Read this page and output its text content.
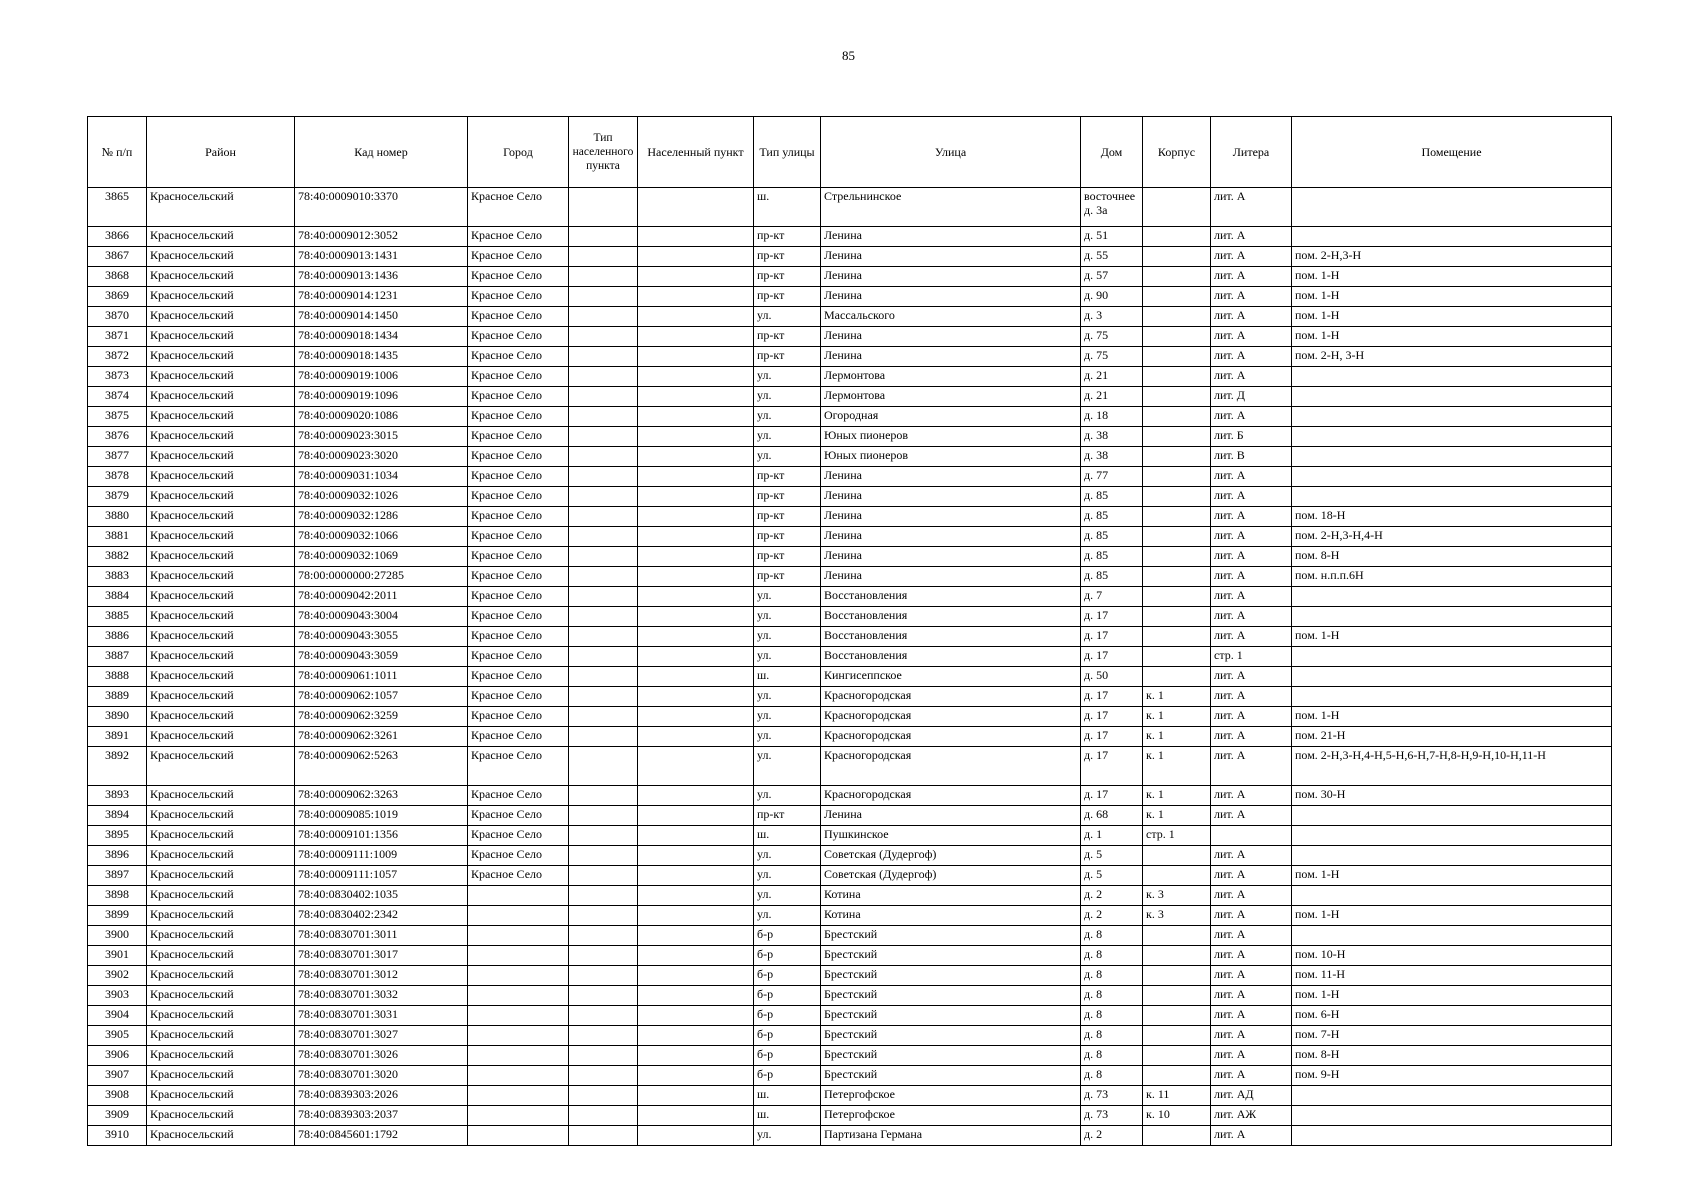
85
№ п/п	Район	Кад номер	Город	Тип населенного пункта	Населенный пункт	Тип улицы	Улица	Дом	Корпус	Литера	Помещение
3865	Красносельский	78:40:0009010:3370	Красное Село			ш.	Стрельнинское	восточнее д. 3а		лит. А	
3866	Красносельский	78:40:0009012:3052	Красное Село			пр-кт	Ленина	д. 51		лит. А	
3867	Красносельский	78:40:0009013:1431	Красное Село			пр-кт	Ленина	д. 55		лит. А	пом. 2-Н,3-Н
3868	Красносельский	78:40:0009013:1436	Красное Село			пр-кт	Ленина	д. 57		лит. А	пом. 1-Н
3869	Красносельский	78:40:0009014:1231	Красное Село			пр-кт	Ленина	д. 90		лит. А	пом. 1-Н
3870	Красносельский	78:40:0009014:1450	Красное Село			ул.	Массальского	д. 3		лит. А	пом. 1-Н
3871	Красносельский	78:40:0009018:1434	Красное Село			пр-кт	Ленина	д. 75		лит. А	пом. 1-Н
3872	Красносельский	78:40:0009018:1435	Красное Село			пр-кт	Ленина	д. 75		лит. А	пом. 2-Н, 3-Н
3873	Красносельский	78:40:0009019:1006	Красное Село			ул.	Лермонтова	д. 21		лит. А	
3874	Красносельский	78:40:0009019:1096	Красное Село			ул.	Лермонтова	д. 21		лит. Д	
3875	Красносельский	78:40:0009020:1086	Красное Село			ул.	Огородная	д. 18		лит. А	
3876	Красносельский	78:40:0009023:3015	Красное Село			ул.	Юных пионеров	д. 38		лит. Б	
3877	Красносельский	78:40:0009023:3020	Красное Село			ул.	Юных пионеров	д. 38		лит. В	
3878	Красносельский	78:40:0009031:1034	Красное Село			пр-кт	Ленина	д. 77		лит. А	
3879	Красносельский	78:40:0009032:1026	Красное Село			пр-кт	Ленина	д. 85		лит. А	
3880	Красносельский	78:40:0009032:1286	Красное Село			пр-кт	Ленина	д. 85		лит. А	пом. 18-Н
3881	Красносельский	78:40:0009032:1066	Красное Село			пр-кт	Ленина	д. 85		лит. А	пом. 2-Н,3-Н,4-Н
3882	Красносельский	78:40:0009032:1069	Красное Село			пр-кт	Ленина	д. 85		лит. А	пом. 8-Н
3883	Красносельский	78:00:0000000:27285	Красное Село			пр-кт	Ленина	д. 85		лит. А	пом. н.п.п.6Н
3884	Красносельский	78:40:0009042:2011	Красное Село			ул.	Восстановления	д. 7		лит. А	
3885	Красносельский	78:40:0009043:3004	Красное Село			ул.	Восстановления	д. 17		лит. А	
3886	Красносельский	78:40:0009043:3055	Красное Село			ул.	Восстановления	д. 17		лит. А	пом. 1-Н
3887	Красносельский	78:40:0009043:3059	Красное Село			ул.	Восстановления	д. 17		стр. 1	
3888	Красносельский	78:40:0009061:1011	Красное Село			ш.	Кингисеппское	д. 50		лит. А	
3889	Красносельский	78:40:0009062:1057	Красное Село			ул.	Красногородская	д. 17	к. 1	лит. А	
3890	Красносельский	78:40:0009062:3259	Красное Село			ул.	Красногородская	д. 17	к. 1	лит. А	пом. 1-Н
3891	Красносельский	78:40:0009062:3261	Красное Село			ул.	Красногородская	д. 17	к. 1	лит. А	пом. 21-Н
3892	Красносельский	78:40:0009062:5263	Красное Село			ул.	Красногородская	д. 17	к. 1	лит. А	пом. 2-Н,3-Н,4-Н,5-Н,6-Н,7-Н,8-Н,9-Н,10-Н,11-Н
3893	Красносельский	78:40:0009062:3263	Красное Село			ул.	Красногородская	д. 17	к. 1	лит. А	пом. 30-Н
3894	Красносельский	78:40:0009085:1019	Красное Село			пр-кт	Ленина	д. 68	к. 1	лит. А	
3895	Красносельский	78:40:0009101:1356	Красное Село			ш.	Пушкинское	д. 1	стр. 1		
3896	Красносельский	78:40:0009111:1009	Красное Село			ул.	Советская (Дудергоф)	д. 5		лит. А	
3897	Красносельский	78:40:0009111:1057	Красное Село			ул.	Советская (Дудергоф)	д. 5		лит. А	пом. 1-Н
3898	Красносельский	78:40:0830402:1035				ул.	Котина	д. 2	к. 3	лит. А	
3899	Красносельский	78:40:0830402:2342				ул.	Котина	д. 2	к. 3	лит. А	пом. 1-Н
3900	Красносельский	78:40:0830701:3011				б-р	Брестский	д. 8		лит. А	
3901	Красносельский	78:40:0830701:3017				б-р	Брестский	д. 8		лит. А	пом. 10-Н
3902	Красносельский	78:40:0830701:3012				б-р	Брестский	д. 8		лит. А	пом. 11-Н
3903	Красносельский	78:40:0830701:3032				б-р	Брестский	д. 8		лит. А	пом. 1-Н
3904	Красносельский	78:40:0830701:3031				б-р	Брестский	д. 8		лит. А	пом. 6-Н
3905	Красносельский	78:40:0830701:3027				б-р	Брестский	д. 8		лит. А	пом. 7-Н
3906	Красносельский	78:40:0830701:3026				б-р	Брестский	д. 8		лит. А	пом. 8-Н
3907	Красносельский	78:40:0830701:3020				б-р	Брестский	д. 8		лит. А	пом. 9-Н
3908	Красносельский	78:40:0839303:2026				ш.	Петергофское	д. 73	к. 11	лит. АД	
3909	Красносельский	78:40:0839303:2037				ш.	Петергофское	д. 73	к. 10	лит. АЖ	
3910	Красносельский	78:40:0845601:1792				ул.	Партизана Германа	д. 2		лит. А	
